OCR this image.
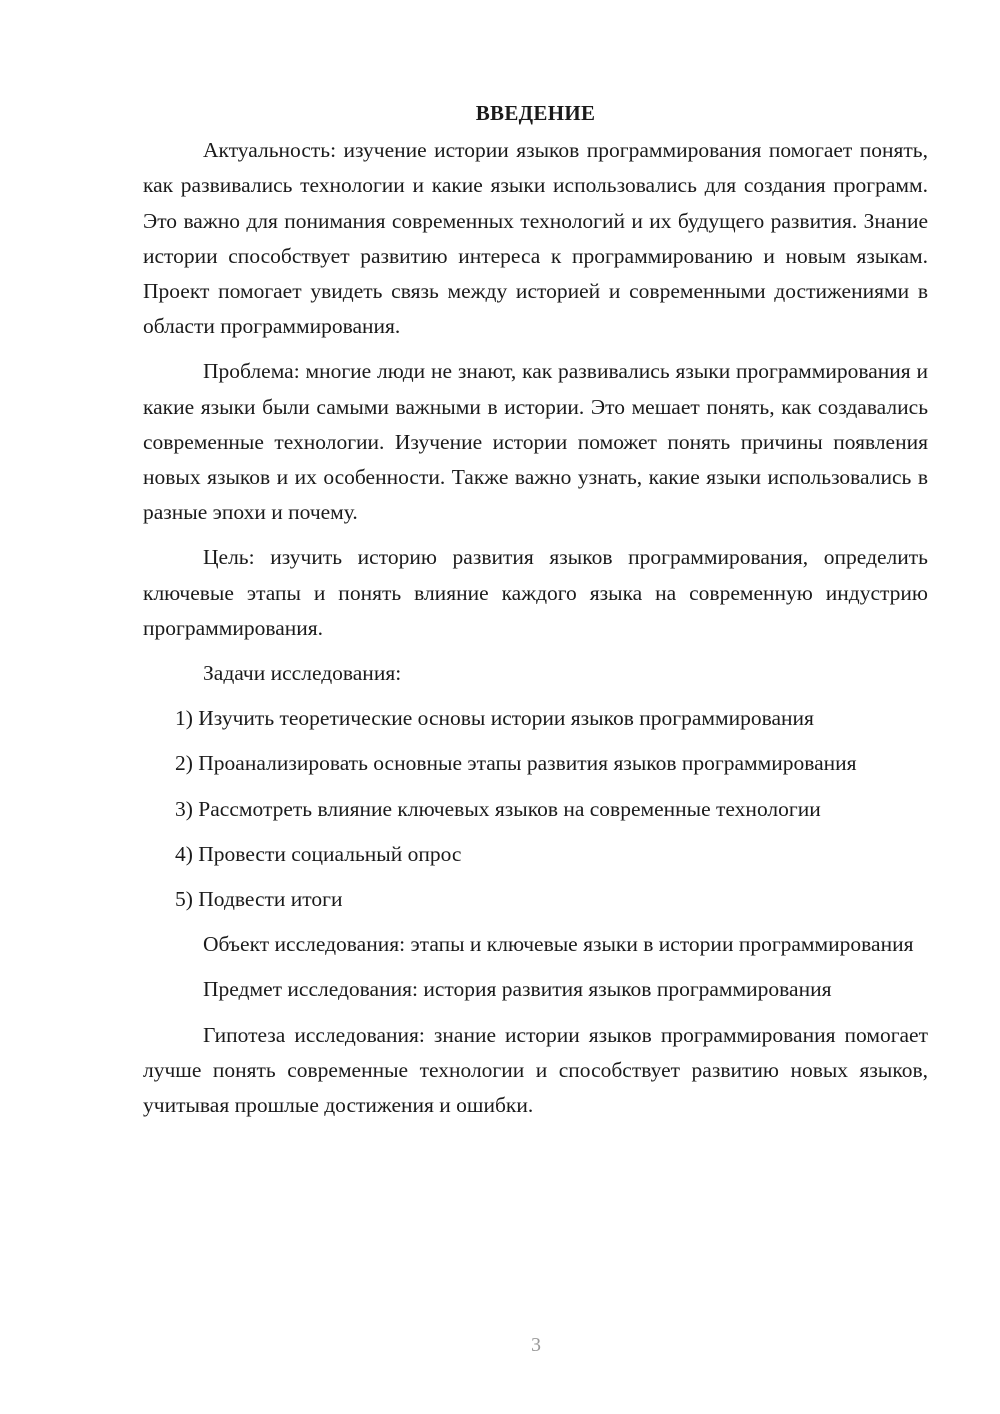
ВВЕДЕНИЕ

Актуальность: изучение истории языков программирования помогает понять, как развивались технологии и какие языки использовались для создания программ. Это важно для понимания современных технологий и их будущего развития. Знание истории способствует развитию интереса к программированию и новым языкам. Проект помогает увидеть связь между историей и современными достижениями в области программирования.

Проблема: многие люди не знают, как развивались языки программирования и какие языки были самыми важными в истории. Это мешает понять, как создавались современные технологии. Изучение истории поможет понять причины появления новых языков и их особенности. Также важно узнать, какие языки использовались в разные эпохи и почему.

Цель: изучить историю развития языков программирования, определить ключевые этапы и понять влияние каждого языка на современную индустрию программирования.

Задачи исследования:

1) Изучить теоретические основы истории языков программирования

2) Проанализировать основные этапы развития языков программирования

3) Рассмотреть влияние ключевых языков на современные технологии

4) Провести социальный опрос

5) Подвести итоги

Объект исследования: этапы и ключевые языки в истории программирования

Предмет исследования: история развития языков программирования

Гипотеза исследования: знание истории языков программирования помогает лучше понять современные технологии и способствует развитию новых языков, учитывая прошлые достижения и ошибки.

3
